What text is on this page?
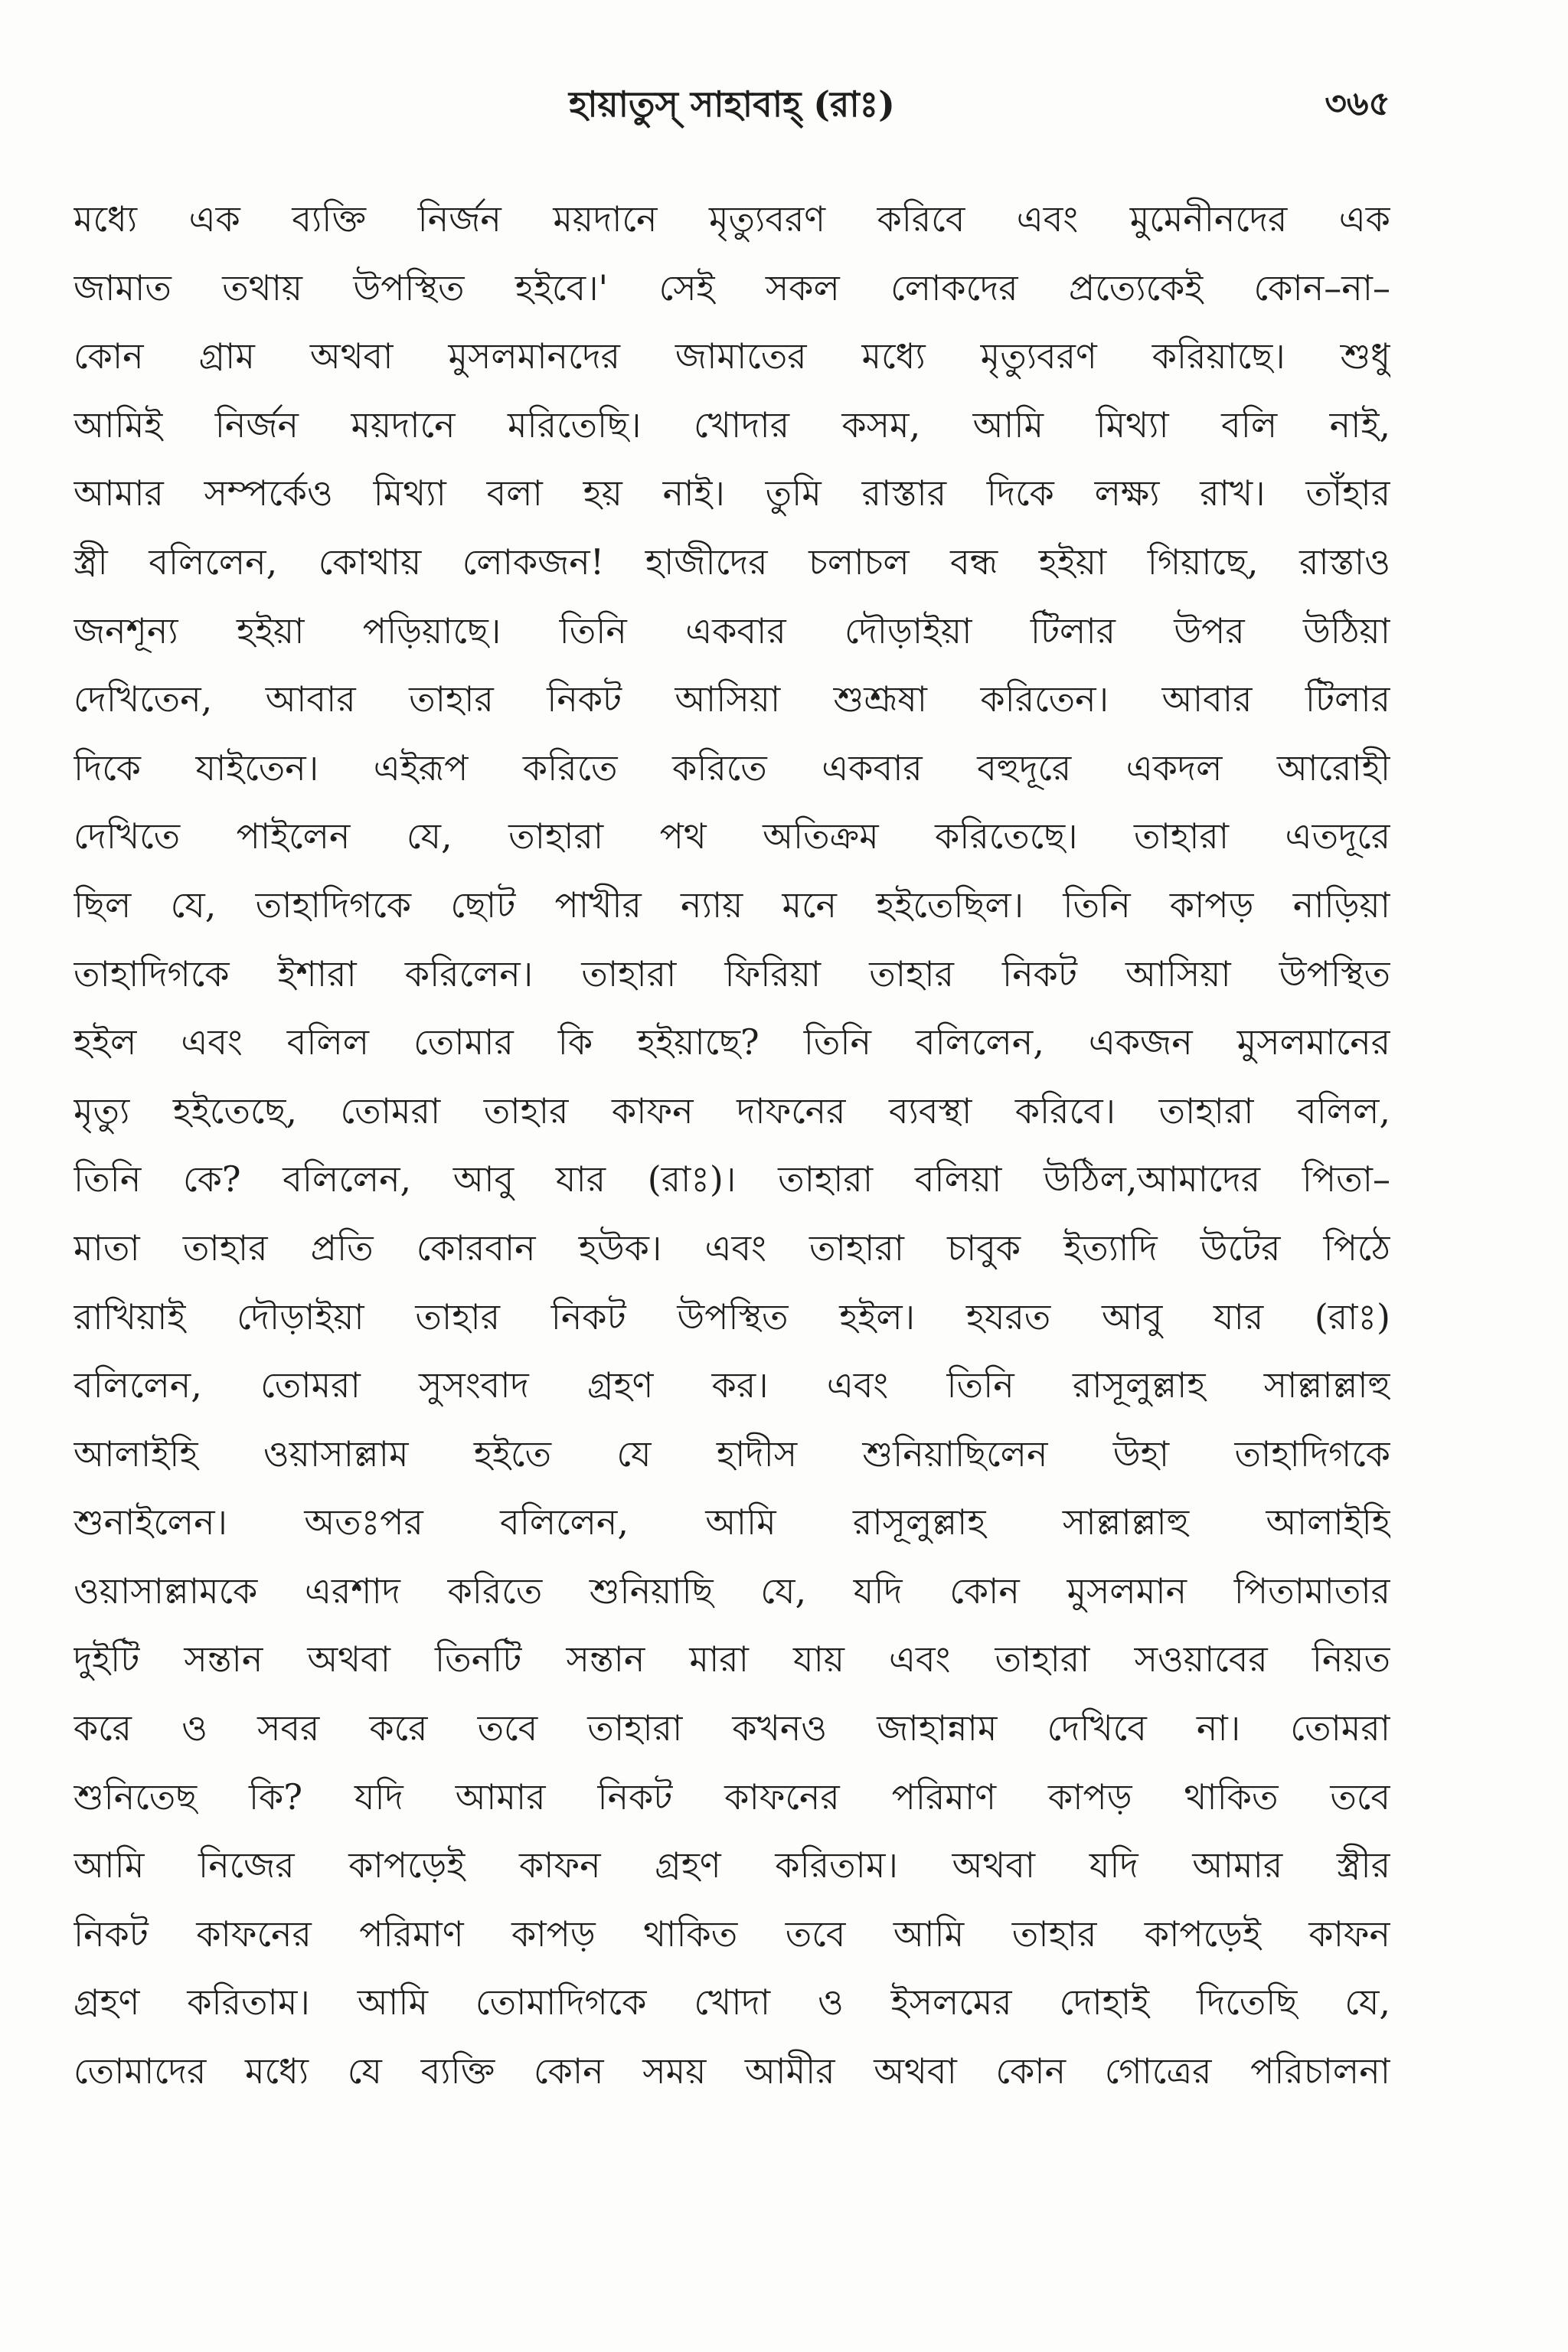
হায়াতুস্ সাহাবাহ্ (রাঃ)	৩৬৫
মধ্যে এক ব্যক্তি নির্জন ময়দানে মৃত্যুবরণ করিবে এবং মুমেনীনদের এক
জামাত তথায় উপস্থিত হইবে।' সেই সকল লোকদের প্রত্যেকেই কোন–না–
কোন গ্রাম অথবা মুসলমানদের জামাতের মধ্যে মৃত্যুবরণ করিয়াছে। শুধু
আমিই নির্জন ময়দানে মরিতেছি। খোদার কসম, আমি মিথ্যা বলি নাই,
আমার সম্পর্কেও মিথ্যা বলা হয় নাই। তুমি রাস্তার দিকে লক্ষ্য রাখ। তাঁহার
স্ত্রী বলিলেন, কোথায় লোকজন! হাজীদের চলাচল বন্ধ হইয়া গিয়াছে, রাস্তাও
জনশূন্য হইয়া পড়িয়াছে। তিনি একবার দৌড়াইয়া টিলার উপর উঠিয়া
দেখিতেন, আবার তাহার নিকট আসিয়া শুশ্রূষা করিতেন। আবার টিলার
দিকে যাইতেন। এইরূপ করিতে করিতে একবার বহুদূরে একদল আরোহী
দেখিতে পাইলেন যে, তাহারা পথ অতিক্রম করিতেছে। তাহারা এতদূরে
ছিল যে, তাহাদিগকে ছোট পাখীর ন্যায় মনে হইতেছিল। তিনি কাপড় নাড়িয়া
তাহাদিগকে ইশারা করিলেন। তাহারা ফিরিয়া তাহার নিকট আসিয়া উপস্থিত
হইল এবং বলিল তোমার কি হইয়াছে? তিনি বলিলেন, একজন মুসলমানের
মৃত্যু হইতেছে, তোমরা তাহার কাফন দাফনের ব্যবস্থা করিবে। তাহারা বলিল,
তিনি কে? বলিলেন, আবু যার (রাঃ)। তাহারা বলিয়া উঠিল,আমাদের পিতা–
মাতা তাহার প্রতি কোরবান হউক। এবং তাহারা চাবুক ইত্যাদি উটের পিঠে
রাখিয়াই দৌড়াইয়া তাহার নিকট উপস্থিত হইল। হযরত আবু যার (রাঃ)
বলিলেন, তোমরা সুসংবাদ গ্রহণ কর। এবং তিনি রাসূলুল্লাহ সাল্লাল্লাহু
আলাইহি ওয়াসাল্লাম হইতে যে হাদীস শুনিয়াছিলেন উহা তাহাদিগকে
শুনাইলেন। অতঃপর বলিলেন, আমি রাসূলুল্লাহ সাল্লাল্লাহু আলাইহি
ওয়াসাল্লামকে এরশাদ করিতে শুনিয়াছি যে, যদি কোন মুসলমান পিতামাতার
দুইটি সন্তান অথবা তিনটি সন্তান মারা যায় এবং তাহারা সওয়াবের নিয়ত
করে ও সবর করে তবে তাহারা কখনও জাহান্নাম দেখিবে না। তোমরা
শুনিতেছ কি? যদি আমার নিকট কাফনের পরিমাণ কাপড় থাকিত তবে
আমি নিজের কাপড়েই কাফন গ্রহণ করিতাম। অথবা যদি আমার স্ত্রীর
নিকট কাফনের পরিমাণ কাপড় থাকিত তবে আমি তাহার কাপড়েই কাফন
গ্রহণ করিতাম। আমি তোমাদিগকে খোদা ও ইসলমের দোহাই দিতেছি যে,
তোমাদের মধ্যে যে ব্যক্তি কোন সময় আমীর অথবা কোন গোত্রের পরিচালনা
